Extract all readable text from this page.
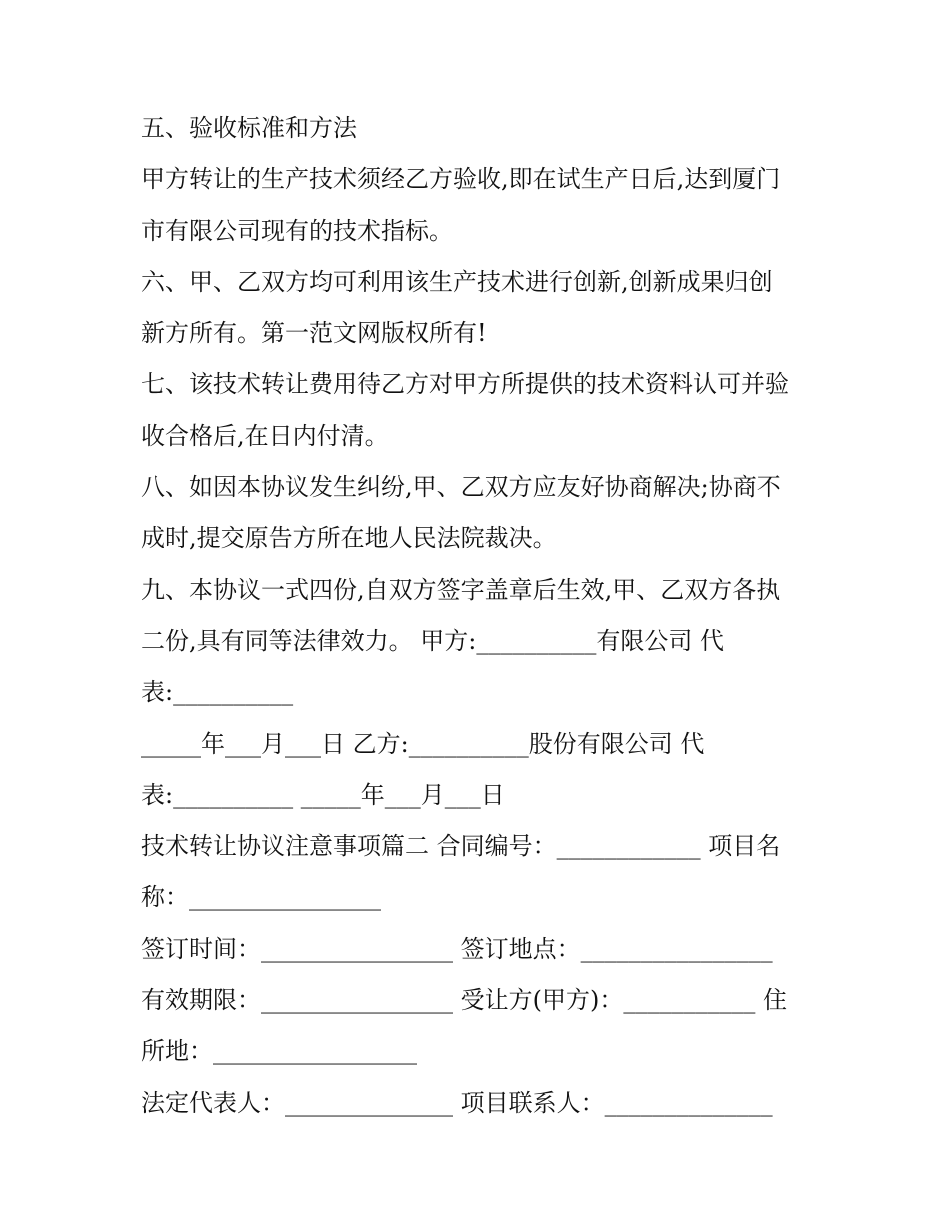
五、验收标准和方法

甲方转让的生产技术须经乙方验收,即在试生产日后,达到厦门

市有限公司现有的技术指标。

六、甲、乙双方均可利用该生产技术进行创新,创新成果归创

新方所有。第一范文网版权所有!

七、该技术转让费用待乙方对甲方所提供的技术资料认可并验

收合格后,在日内付清。

八、如因本协议发生纠纷,甲、乙双方应友好协商解决;协商不

成时,提交原告方所在地人民法院裁决。

九、本协议一式四份,自双方签字盖章后生效,甲、乙双方各执

二份,具有同等法律效力。 甲方:__________有限公司 代

表:__________

_____年___月___日 乙方:__________股份有限公司 代

表:__________ _____年___月___日

技术转让协议注意事项篇二 合同编号：____________ 项目名

称：________________

签订时间：________________ 签订地点：________________

有效期限：________________ 受让方(甲方)：___________ 住

所地：_________________

法定代表人：______________ 项目联系人：______________
